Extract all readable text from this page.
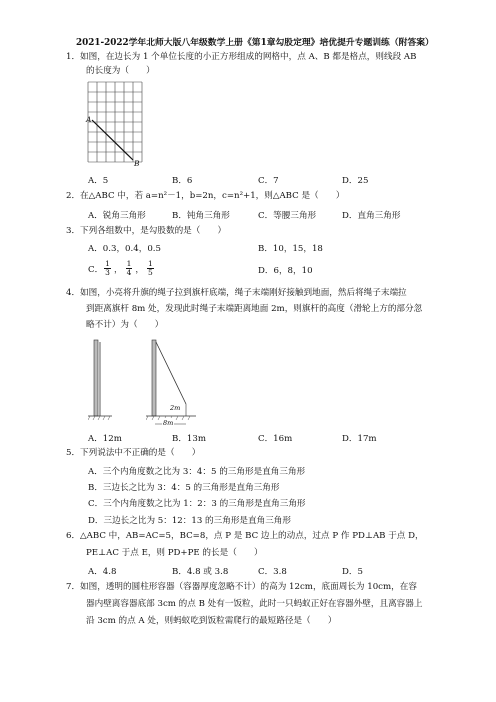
2021-2022学年北师大版八年级数学上册《第1章勾股定理》培优提升专题训练（附答案）
1．如图，在边长为 1 个单位长度的小正方形组成的网格中，点 A、B 都是格点，则线段 AB
的长度为（　　）
A
B
A．5	B．6	C．7	D．25
2．在△ABC 中，若 a=n²－1，b=2n，c=n²+1，则△ABC 是（　　）
A．锐角三角形	B．钝角三角形	C．等腰三角形	D．直角三角形
3．下列各组数中，是勾股数的是（　　）
A．0.3，0.4，0.5	B．10，15，18
C． $\frac{1}{3}$ ， $\frac{1}{4}$ ， $\frac{1}{5}$	D．6，8，10
4．如图，小亮将升旗的绳子拉到旗杆底端，绳子末端刚好接触到地面，然后将绳子末端拉
到距离旗杆 8m 处，发现此时绳子末端距离地面 2m，则旗杆的高度（滑轮上方的部分忽
略不计）为（　　）
2m
8m
A．12m	B．13m	C．16m	D．17m
5．下列说法中不正确的是（　　）
A．三个内角度数之比为 3：4：5 的三角形是直角三角形
B．三边长之比为 3：4：5 的三角形是直角三角形
C．三个内角度数之比为 1：2：3 的三角形是直角三角形
D．三边长之比为 5：12：13 的三角形是直角三角形
6．△ABC 中，AB=AC=5，BC=8，点 P 是 BC 边上的动点，过点 P 作 PD⊥AB 于点 D，
PE⊥AC 于点 E，则 PD+PE 的长是（　　）
A．4.8	B．4.8 或 3.8	C．3.8	D．5
7．如图，透明的圆柱形容器（容器厚度忽略不计）的高为 12cm，底面周长为 10cm，在容
器内壁离容器底部 3cm 的点 B 处有一饭粒，此时一只蚂蚁正好在容器外壁，且离容器上
沿 3cm 的点 A 处，则蚂蚁吃到饭粒需爬行的最短路径是（　　）
